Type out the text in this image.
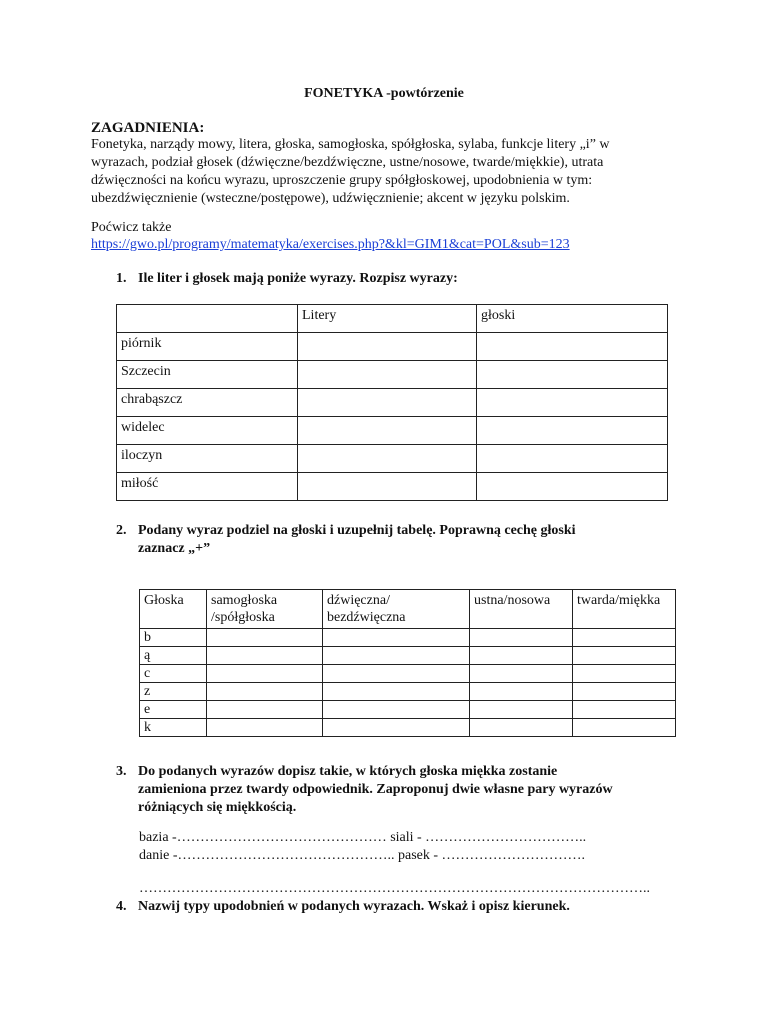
FONETYKA -powtórzenie
ZAGADNIENIA:
Fonetyka, narządy mowy, litera, głoska, samogłoska, spółgłoska, sylaba, funkcje litery „i” w
wyrazach, podział głosek (dźwięczne/bezdźwięczne, ustne/nosowe, twarde/miękkie), utrata
dźwięczności na końcu wyrazu, uproszczenie grupy spółgłoskowej, upodobnienia w tym:
ubezdźwięcznienie (wsteczne/postępowe), udźwięcznienie; akcent w języku polskim.
Poćwicz także
https://gwo.pl/programy/matematyka/exercises.php?&kl=GIM1&cat=POL&sub=123
1. Ile liter i głosek mają poniże wyrazy. Rozpisz wyrazy:
	Litery	głoski
piórnik		
Szczecin		
chrabąszcz		
widelec		
iloczyn		
miłość		
2. Podany wyraz podziel na głoski i uzupełnij tabelę. Poprawną cechę głoski
zaznacz „+”
Głoska	samogłoska
/spółgłoska	dźwięczna/
bezdźwięczna	ustna/nosowa	twarda/miękka
b				
ą				
c				
z				
e				
k				
3. Do podanych wyrazów dopisz takie, w których głoska miękka zostanie
zamieniona przez twardy odpowiednik. Zaproponuj dwie własne pary wyrazów
różniących się miękkością.
bazia -……………………………………… siali - ……………………………..
danie -……………………………………….. pasek - ………………………….
………………………………………………………………………………………………..
4. Nazwij typy upodobnień w podanych wyrazach. Wskaż i opisz kierunek.
